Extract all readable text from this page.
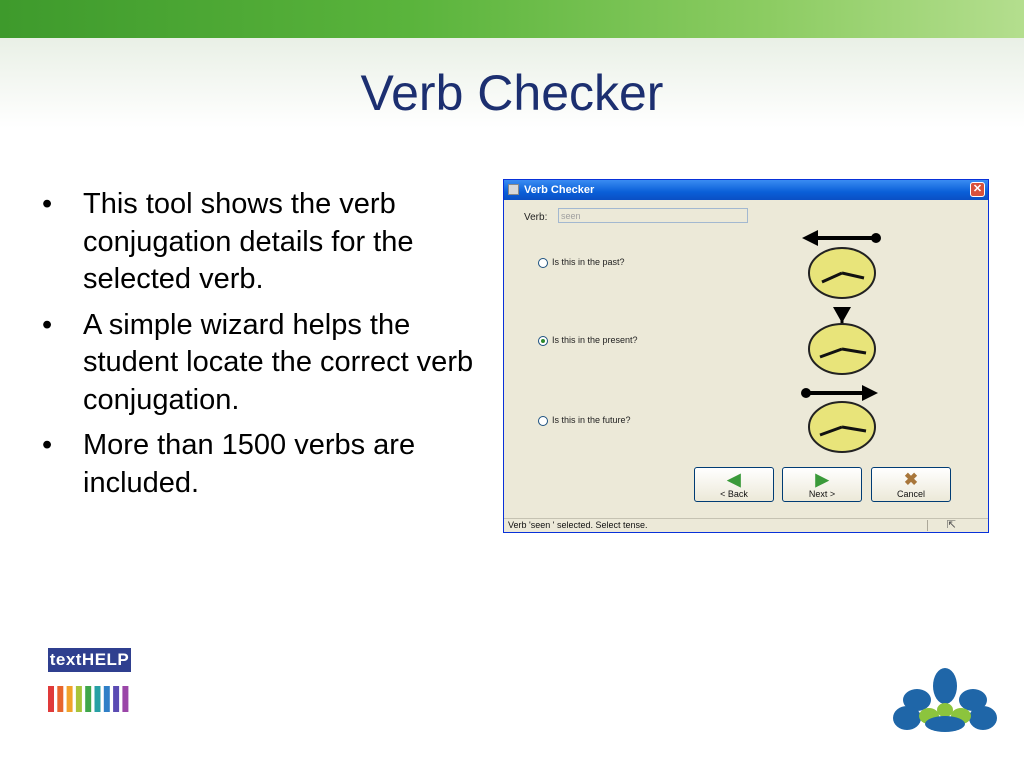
Verb Checker
• This tool shows the verb conjugation details for the selected verb.
• A simple wizard helps the student locate the correct verb conjugation.
• More than 1500 verbs are included.
Verb Checker	✕
Verb:
seen
Is this in the past?
Is this in the present?
Is this in the future?
◀
< Back
▶
Next >
✖
Cancel
Verb 'seen ' selected. Select tense.	⇱
textHELP
